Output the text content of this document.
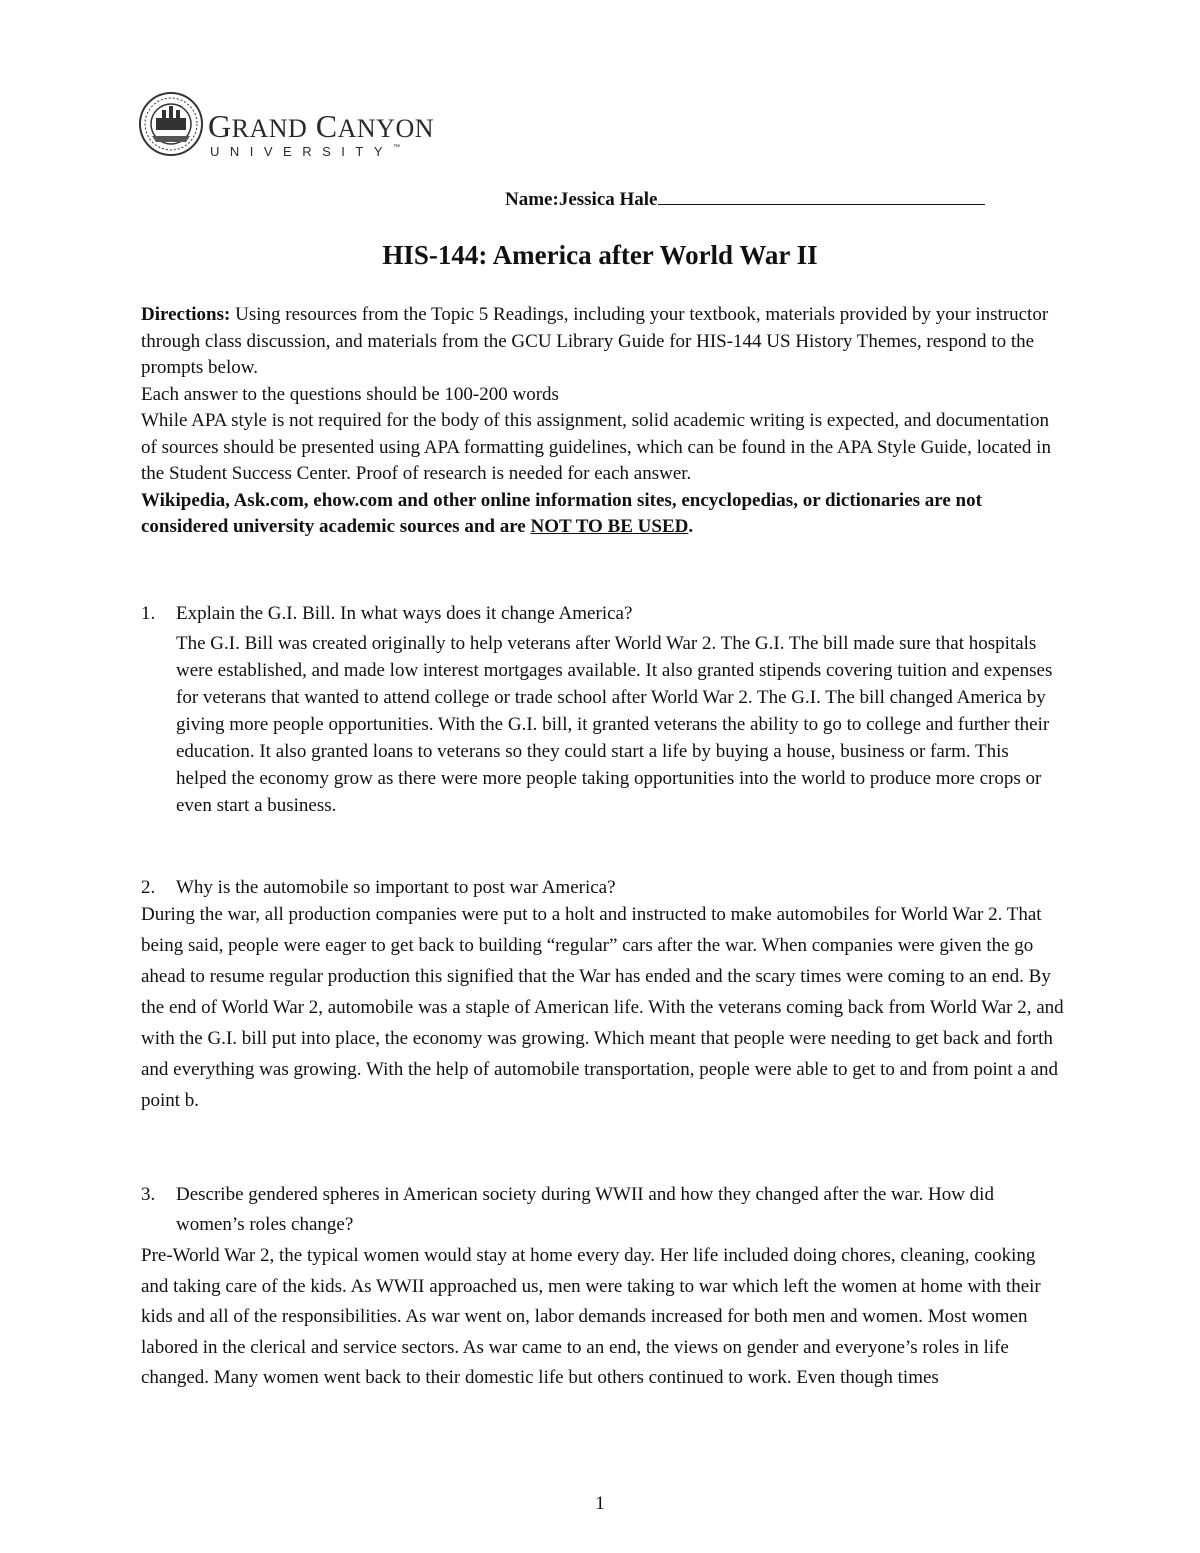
GRAND CANYON
UNIVERSITY™
Name:Jessica Hale
HIS-144: America after World War II

Directions: Using resources from the Topic 5 Readings, including your textbook, materials provided by your instructor through class discussion, and materials from the GCU Library Guide for HIS-144 US History Themes, respond to the prompts below.

Each answer to the questions should be 100-200 words

While APA style is not required for the body of this assignment, solid academic writing is expected, and documentation of sources should be presented using APA formatting guidelines, which can be found in the APA Style Guide, located in the Student Success Center. Proof of research is needed for each answer.

Wikipedia, Ask.com, ehow.com and other online information sites, encyclopedias, or dictionaries are not considered university academic sources and are NOT TO BE USED.

1. Explain the G.I. Bill. In what ways does it change America?
The G.I. Bill was created originally to help veterans after World War 2. The G.I. The bill made sure that hospitals were established, and made low interest mortgages available. It also granted stipends covering tuition and expenses for veterans that wanted to attend college or trade school after World War 2. The G.I. The bill changed America by giving more people opportunities. With the G.I. bill, it granted veterans the ability to go to college and further their education. It also granted loans to veterans so they could start a life by buying a house, business or farm. This helped the economy grow as there were more people taking opportunities into the world to produce more crops or even start a business.
2. Why is the automobile so important to post war America?
During the war, all production companies were put to a holt and instructed to make automobiles for World War 2. That being said, people were eager to get back to building “regular” cars after the war. When companies were given the go ahead to resume regular production this signified that the War has ended and the scary times were coming to an end. By the end of World War 2, automobile was a staple of American life. With the veterans coming back from World War 2, and with the G.I. bill put into place, the economy was growing. Which meant that people were needing to get back and forth and everything was growing. With the help of automobile transportation, people were able to get to and from point a and point b.
3. Describe gendered spheres in American society during WWII and how they changed after the war. How did women’s roles change?
Pre-World War 2, the typical women would stay at home every day. Her life included doing chores, cleaning, cooking and taking care of the kids. As WWII approached us, men were taking to war which left the women at home with their kids and all of the responsibilities. As war went on, labor demands increased for both men and women. Most women labored in the clerical and service sectors. As war came to an end, the views on gender and everyone’s roles in life changed. Many women went back to their domestic life but others continued to work. Even though times
1
